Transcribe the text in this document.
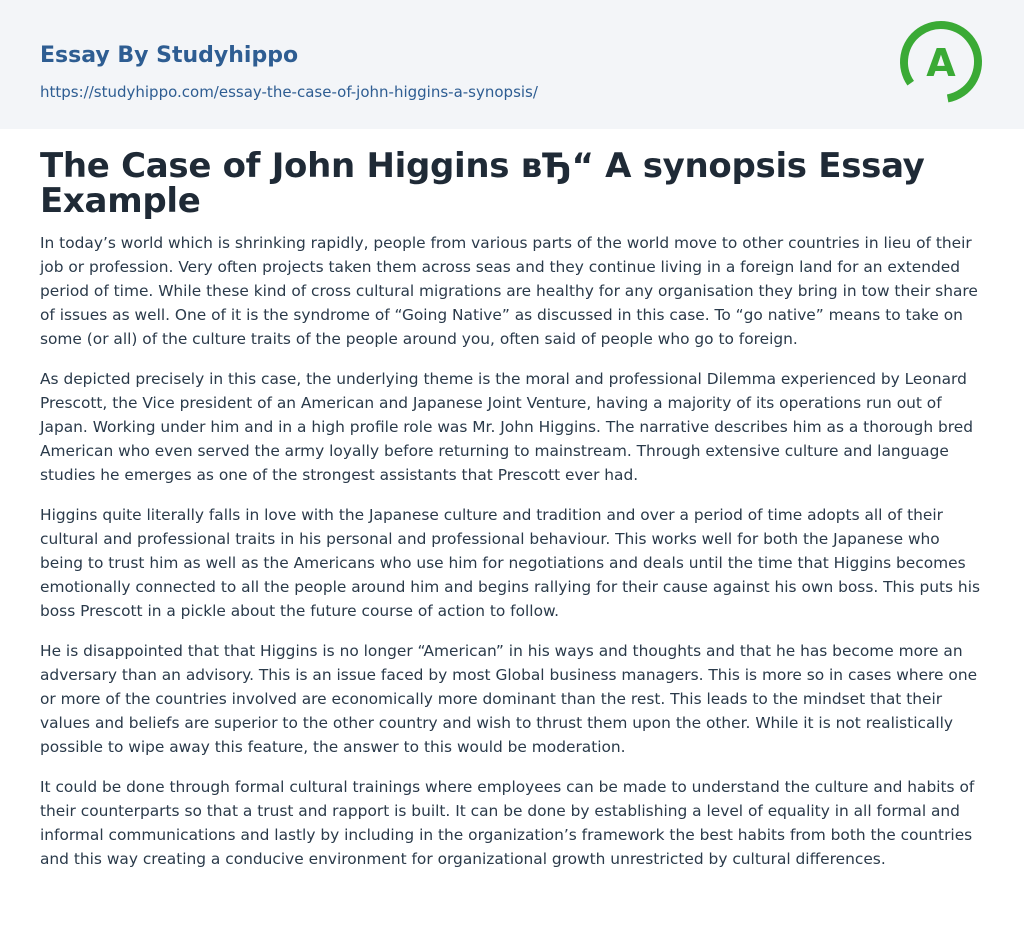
Essay By Studyhippo
https://studyhippo.com/essay-the-case-of-john-higgins-a-synopsis/
A
The Case of John Higgins вЂ“ A synopsis Essay Example

In today’s world which is shrinking rapidly, people from various parts of the world move to other countries in lieu of their job or profession. Very often projects taken them across seas and they continue living in a foreign land for an extended period of time. While these kind of cross cultural migrations are healthy for any organisation they bring in tow their share of issues as well. One of it is the syndrome of “Going Native” as discussed in this case. To “go native” means to take on some (or all) of the culture traits of the people around you, often said of people who go to foreign.

As depicted precisely in this case, the underlying theme is the moral and professional Dilemma experienced by Leonard Prescott, the Vice president of an American and Japanese Joint Venture, having a majority of its operations run out of Japan. Working under him and in a high profile role was Mr. John Higgins. The narrative describes him as a thorough bred American who even served the army loyally before returning to mainstream. Through extensive culture and language studies he emerges as one of the strongest assistants that Prescott ever had.

Higgins quite literally falls in love with the Japanese culture and tradition and over a period of time adopts all of their cultural and professional traits in his personal and professional behaviour. This works well for both the Japanese who being to trust him as well as the Americans who use him for negotiations and deals until the time that Higgins becomes emotionally connected to all the people around him and begins rallying for their cause against his own boss. This puts his boss Prescott in a pickle about the future course of action to follow.

He is disappointed that that Higgins is no longer “American” in his ways and thoughts and that he has become more an adversary than an advisory. This is an issue faced by most Global business managers. This is more so in cases where one or more of the countries involved are economically more dominant than the rest. This leads to the mindset that their values and beliefs are superior to the other country and wish to thrust them upon the other. While it is not realistically possible to wipe away this feature, the answer to this would be moderation.

It could be done through formal cultural trainings where employees can be made to understand the culture and habits of their counterparts so that a trust and rapport is built. It can be done by establishing a level of equality in all formal and informal communications and lastly by including in the organization’s framework the best habits from both the countries and this way creating a conducive environment for organizational growth unrestricted by cultural differences.
